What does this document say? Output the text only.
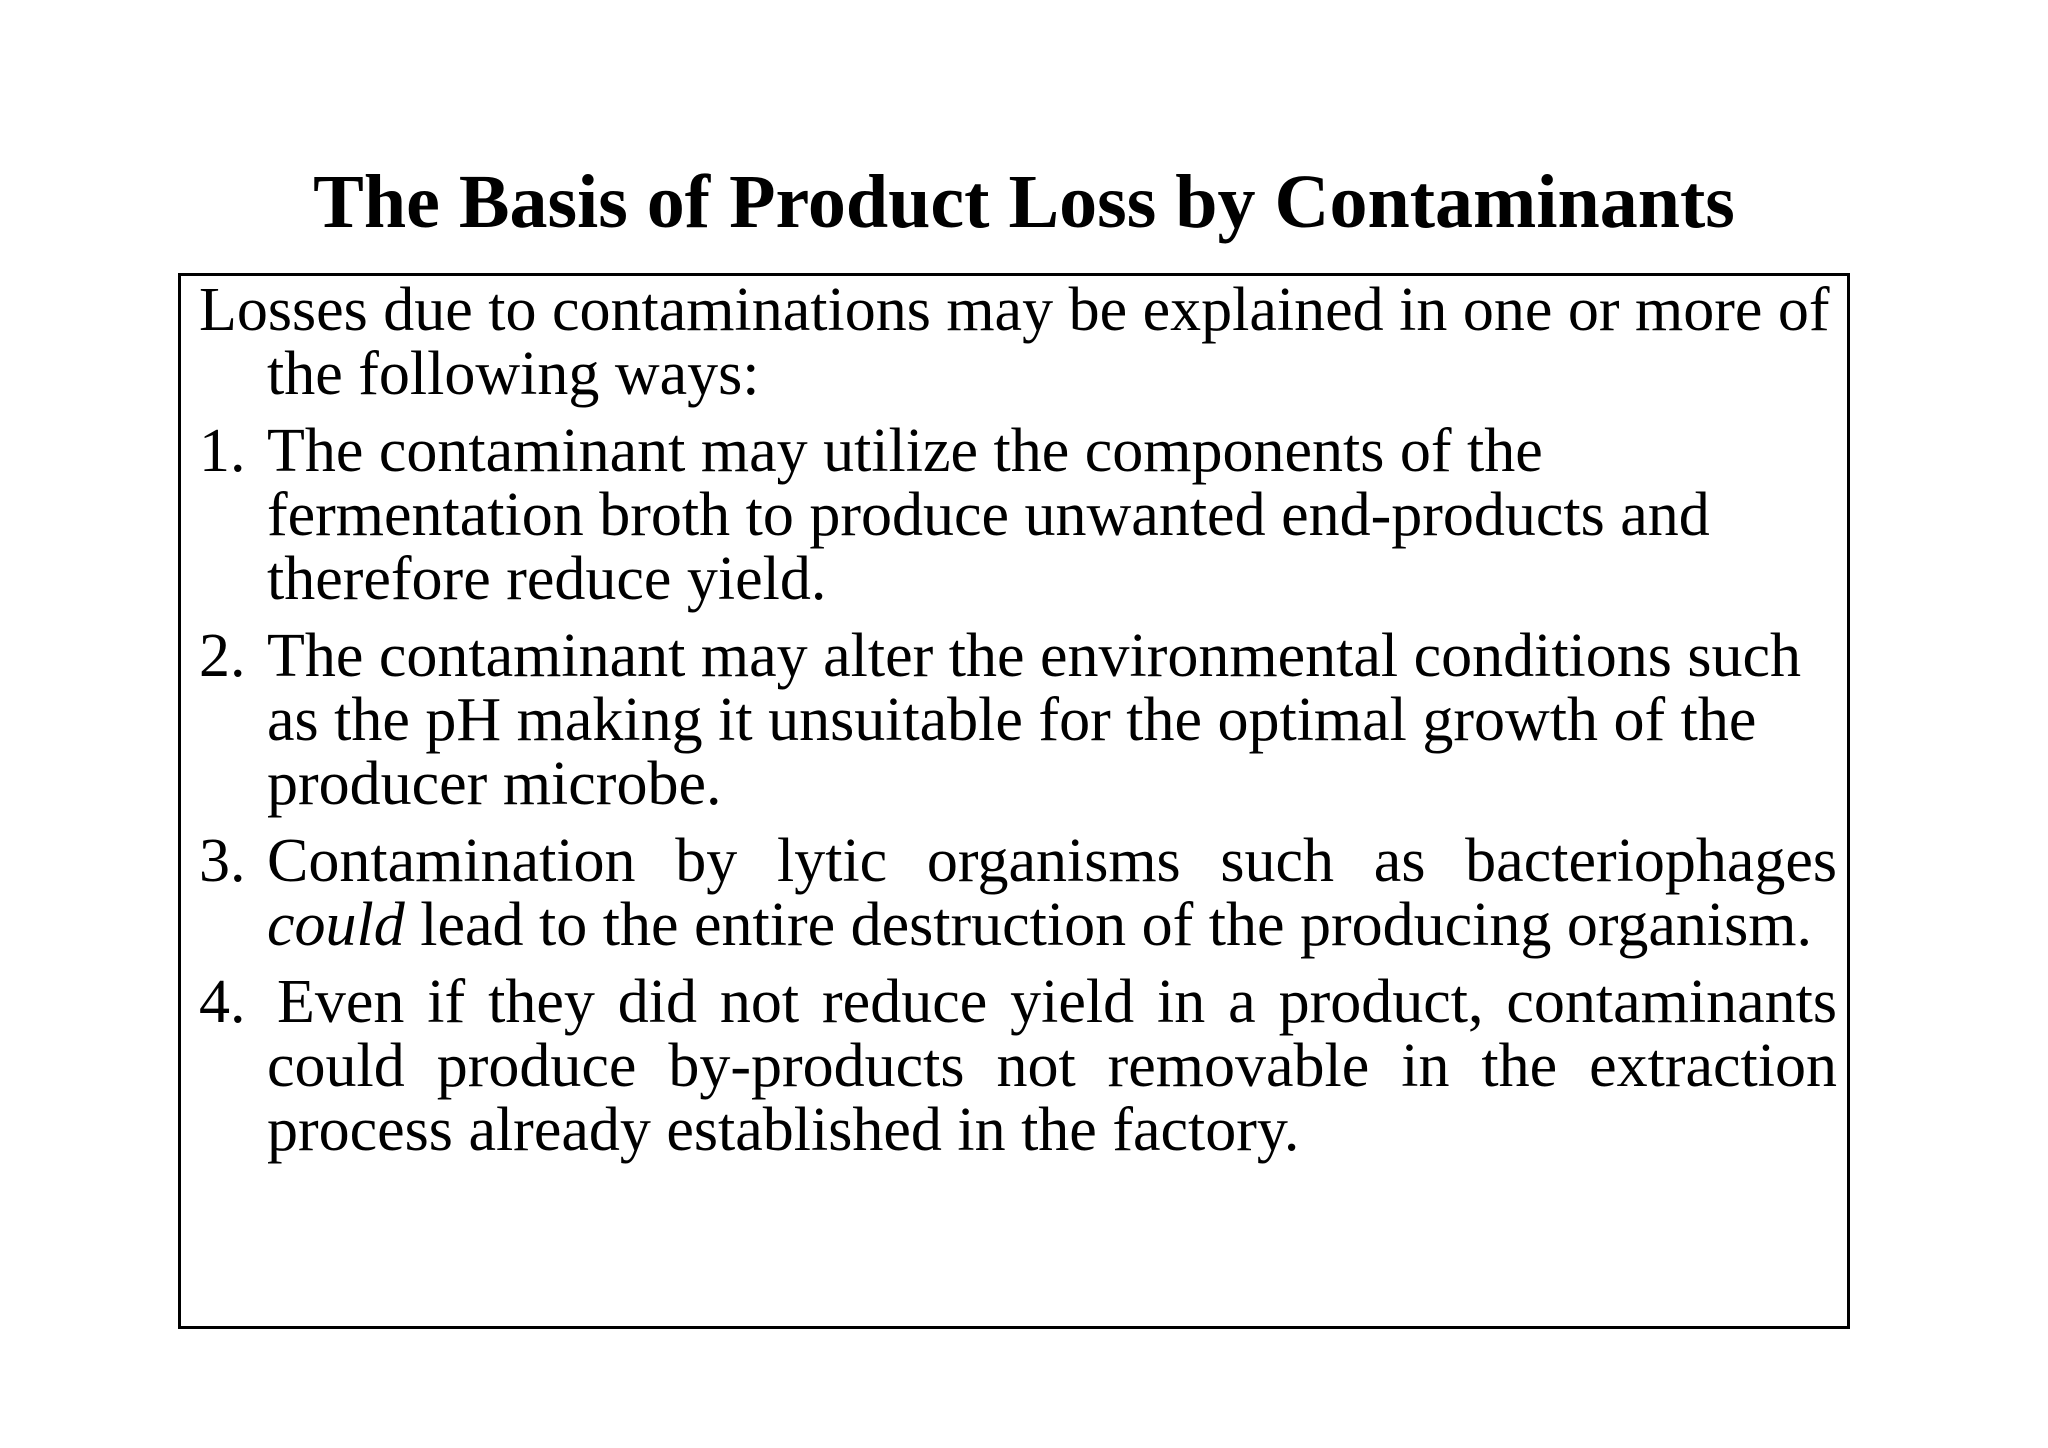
The Basis of Product Loss by Contaminants

Losses due to contaminations may be explained in one or more of the following ways:

1. The contaminant may utilize the components of the fermentation broth to produce unwanted end-products and therefore reduce yield.

2. The contaminant may alter the environmental conditions such as the pH making it unsuitable for the optimal growth of the producer microbe.

3. Contamination by lytic organisms such as bacteriophages could lead to the entire destruction of the producing organism.

4. Even if they did not reduce yield in a product, contaminants could produce by-products not removable in the extraction process already established in the factory.
